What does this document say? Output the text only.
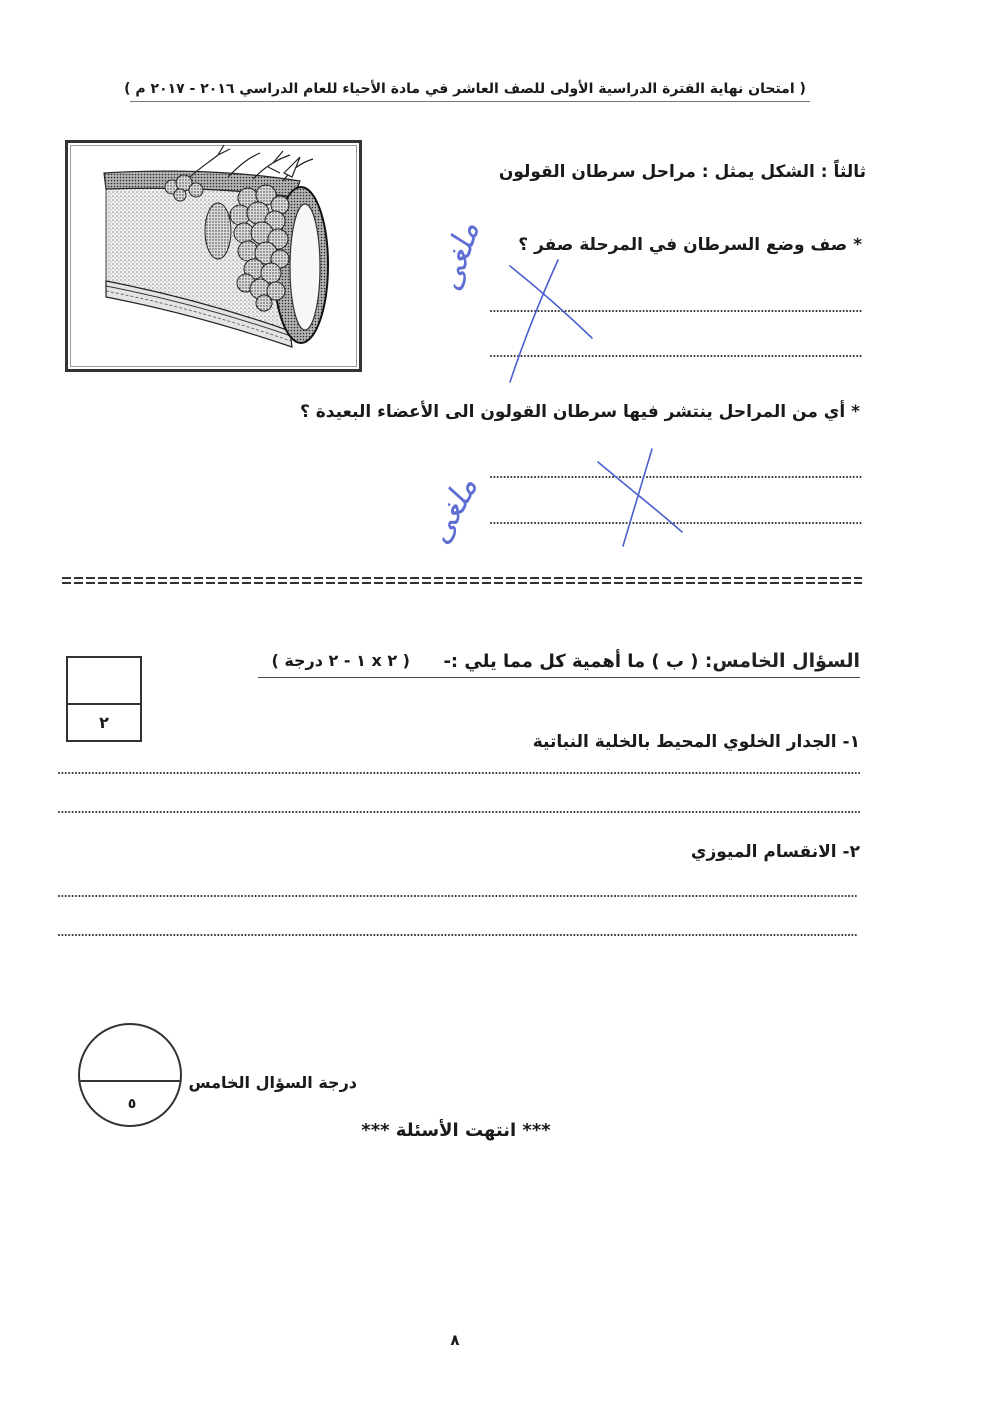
( امتحان نهاية الفترة الدراسية الأولى للصف العاشر في مادة الأحياء للعام الدراسي ٢٠١٦ - ٢٠١٧ م )
ثالثاً : الشكل يمثل : مراحل سرطان القولون
* صف وضع السرطان في المرحلة صفر ؟
* أي من المراحل ينتشر فيها سرطان القولون الى الأعضاء البعيدة ؟
ملغى
ملغى
٢
السؤال الخامس: ( ب ) ما أهمية كل مما يلي :-
( ٢ x ١ - ٢ درجة )
١- الجدار الخلوي المحيط بالخلية النباتية
٢- الانقسام الميوزي
٥
درجة السؤال الخامس
*** انتهت الأسئلة ***
٨
